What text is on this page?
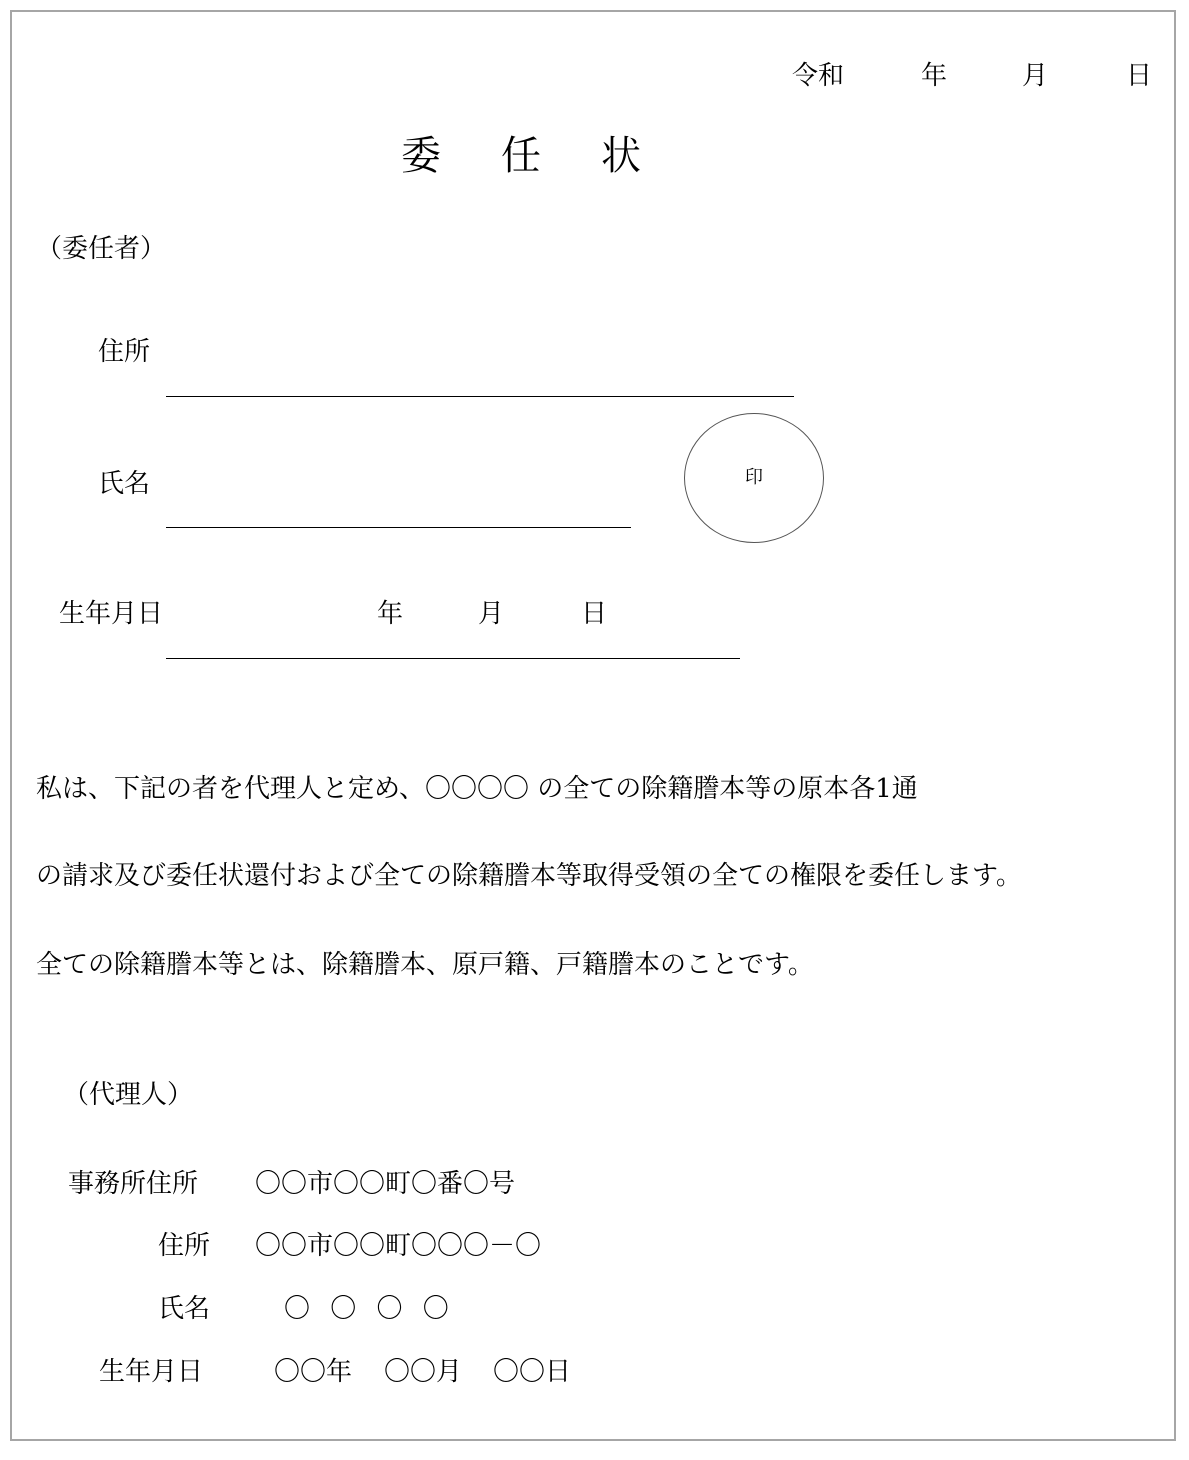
令和	年	月	日
委 任 状
（委任者）
住所
氏名	印
生年月日	年	月	日
私は、下記の者を代理人と定め、〇〇〇〇 の全ての除籍謄本等の原本各1通
の請求及び委任状還付および全ての除籍謄本等取得受領の全ての権限を委任します。
全ての除籍謄本等とは、除籍謄本、原戸籍、戸籍謄本のことです。
（代理人）
事務所住所 〇〇市〇〇町〇番〇号
住所 〇〇市〇〇町〇〇〇－〇
氏名	〇 〇 〇 〇
生年月日	〇〇年 〇〇月 〇〇日
